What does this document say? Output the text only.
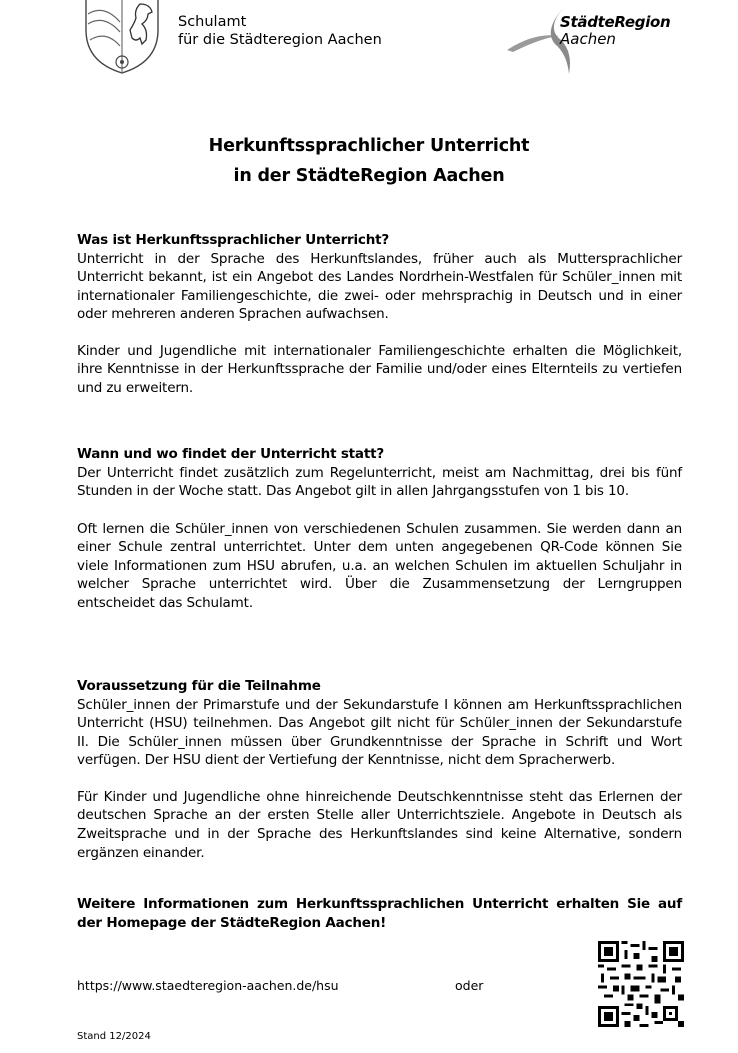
Schulamt
für die Städteregion Aachen
StädteRegion
Aachen
Herkunftssprachlicher Unterricht
in der StädteRegion Aachen
Was ist Herkunftssprachlicher Unterricht?

Unterricht in der Sprache des Herkunftslandes, früher auch als Muttersprachlicher Unterricht bekannt, ist ein Angebot des Landes Nordrhein-Westfalen für Schüler_innen mit internationaler Familiengeschichte, die zwei- oder mehrsprachig in Deutsch und in einer oder mehreren anderen Sprachen aufwachsen.

Kinder und Jugendliche mit internationaler Familiengeschichte erhalten die Möglichkeit, ihre Kenntnisse in der Herkunftssprache der Familie und/oder eines Elternteils zu vertiefen und zu erweitern.

Wann und wo findet der Unterricht statt?

Der Unterricht findet zusätzlich zum Regelunterricht, meist am Nachmittag, drei bis fünf Stunden in der Woche statt. Das Angebot gilt in allen Jahrgangsstufen von 1 bis 10.

Oft lernen die Schüler_innen von verschiedenen Schulen zusammen. Sie werden dann an einer Schule zentral unterrichtet. Unter dem unten angegebenen QR-Code können Sie viele Informationen zum HSU abrufen, u.a. an welchen Schulen im aktuellen Schuljahr in welcher Sprache unterrichtet wird. Über die Zusammensetzung der Lerngruppen entscheidet das Schulamt.

Voraussetzung für die Teilnahme

Schüler_innen der Primarstufe und der Sekundarstufe I können am Herkunftssprachlichen Unterricht (HSU) teilnehmen. Das Angebot gilt nicht für Schüler_innen der Sekundarstufe II. Die Schüler_innen müssen über Grundkenntnisse der Sprache in Schrift und Wort verfügen. Der HSU dient der Vertiefung der Kenntnisse, nicht dem Spracherwerb.

Für Kinder und Jugendliche ohne hinreichende Deutschkenntnisse steht das Erlernen der deutschen Sprache an der ersten Stelle aller Unterrichtsziele. Angebote in Deutsch als Zweitsprache und in der Sprache des Herkunftslandes sind keine Alternative, sondern ergänzen einander.

Weitere Informationen zum Herkunftssprachlichen Unterricht erhalten Sie auf der Homepage der StädteRegion Aachen!
https://www.staedteregion-aachen.de/hsu	oder
Stand 12/2024
